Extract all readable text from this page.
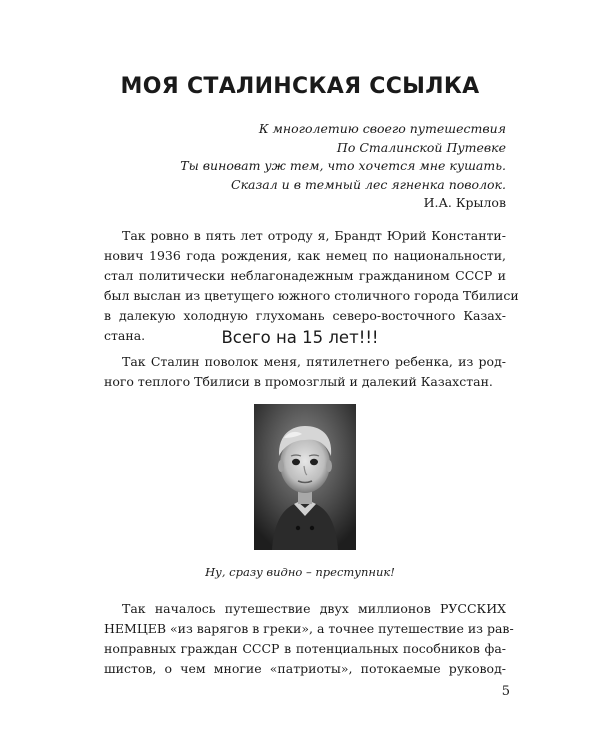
МОЯ СТАЛИНСКАЯ ССЫЛКА
К многолетию своего путешествия
По Сталинской Путевке
Ты виноват уж тем, что хочется мне кушать.
Сказал и в темный лес ягненка поволок.
И.А. Крылов
Так ровно в пять лет отроду я, Брандт Юрий Константи-
нович 1936 года рождения, как немец по национальности,
стал политически неблагонадежным гражданином СССР и
был выслан из цветущего южного столичного города Тбилиси
в далекую холодную глухомань северо-восточного Казах-
стана.	Всего на 15 лет!!!
Так Сталин поволок меня, пятилетнего ребенка, из род-
ного теплого Тбилиси в промозглый и далекий Казахстан.
Ну, сразу видно – преступник!
Так началось путешествие двух миллионов РУССКИХ
НЕМЦЕВ «из варягов в греки», а точнее путешествие из рав-
ноправных граждан СССР в потенциальных пособников фа-
шистов, о чем многие «патриоты», потокаемые руковод-
5
